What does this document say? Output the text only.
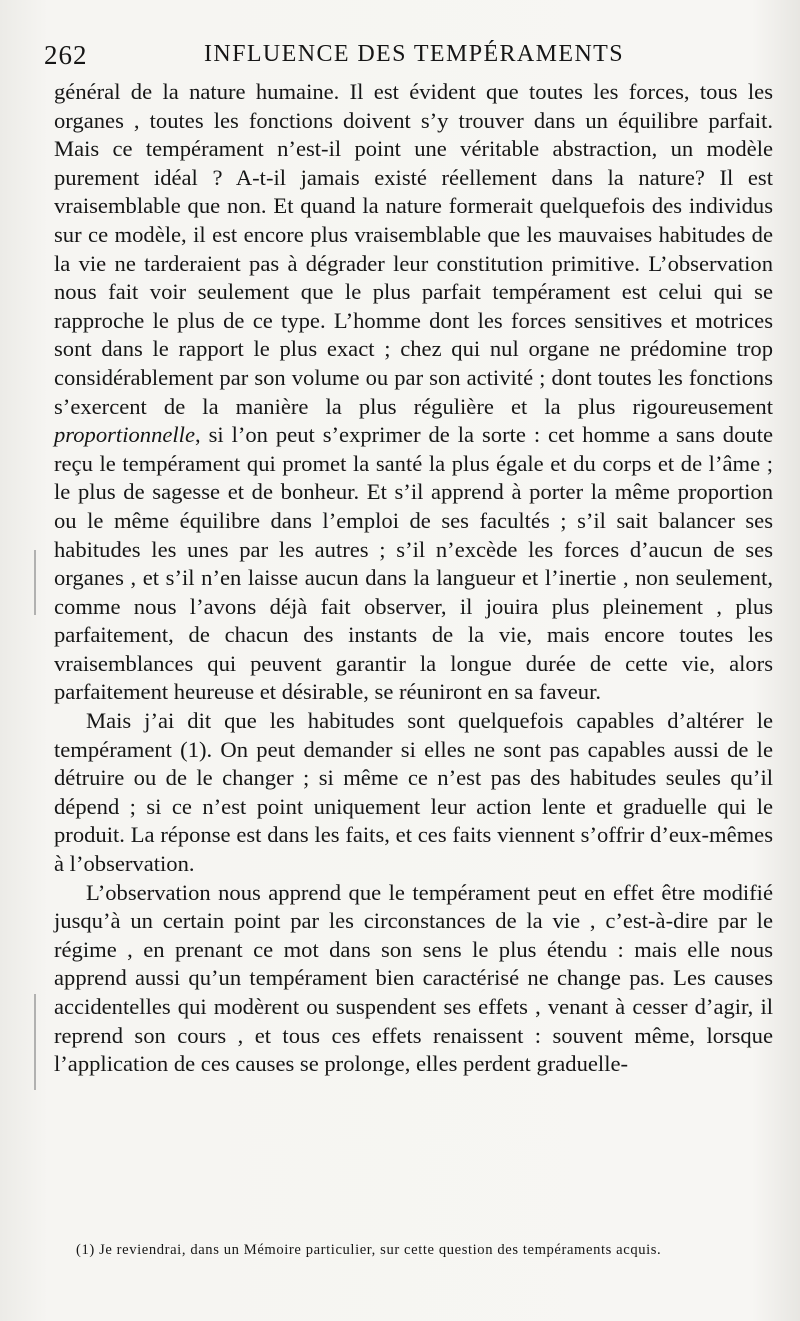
262	INFLUENCE DES TEMPÉRAMENTS

général de la nature humaine. Il est évident que toutes les forces, tous les organes , toutes les fonctions doivent s’y trouver dans un équilibre parfait. Mais ce tempérament n’est-il point une véritable abstraction, un modèle purement idéal ? A-t-il jamais existé réellement dans la nature? Il est vraisemblable que non. Et quand la nature formerait quelquefois des individus sur ce modèle, il est encore plus vraisemblable que les mauvaises habitudes de la vie ne tarderaient pas à dégrader leur constitution primitive. L’observation nous fait voir seulement que le plus parfait tempérament est celui qui se rapproche le plus de ce type. L’homme dont les forces sensitives et motrices sont dans le rapport le plus exact ; chez qui nul organe ne prédomine trop considérablement par son volume ou par son activité ; dont toutes les fonctions s’exercent de la manière la plus régulière et la plus rigoureusement proportionnelle, si l’on peut s’exprimer de la sorte : cet homme a sans doute reçu le tempérament qui promet la santé la plus égale et du corps et de l’âme ; le plus de sagesse et de bonheur. Et s’il apprend à porter la même proportion ou le même équilibre dans l’emploi de ses facultés ; s’il sait balancer ses habitudes les unes par les autres ; s’il n’excède les forces d’aucun de ses organes , et s’il n’en laisse aucun dans la langueur et l’inertie , non seulement, comme nous l’avons déjà fait observer, il jouira plus pleinement , plus parfaitement, de chacun des instants de la vie, mais encore toutes les vraisemblances qui peuvent garantir la longue durée de cette vie, alors parfaitement heureuse et désirable, se réuniront en sa faveur.

Mais j’ai dit que les habitudes sont quelquefois capables d’altérer le tempérament (1). On peut demander si elles ne sont pas capables aussi de le détruire ou de le changer ; si même ce n’est pas des habitudes seules qu’il dépend ; si ce n’est point uniquement leur action lente et graduelle qui le produit. La réponse est dans les faits, et ces faits viennent s’offrir d’eux-mêmes à l’observation.

L’observation nous apprend que le tempérament peut en effet être modifié jusqu’à un certain point par les circonstances de la vie , c’est-à-dire par le régime , en prenant ce mot dans son sens le plus étendu : mais elle nous apprend aussi qu’un tempérament bien caractérisé ne change pas. Les causes accidentelles qui modèrent ou suspendent ses effets , venant à cesser d’agir, il reprend son cours , et tous ces effets renaissent : souvent même, lorsque l’application de ces causes se prolonge, elles perdent graduelle-

(1) Je reviendrai, dans un Mémoire particulier, sur cette question des tempéraments acquis.
